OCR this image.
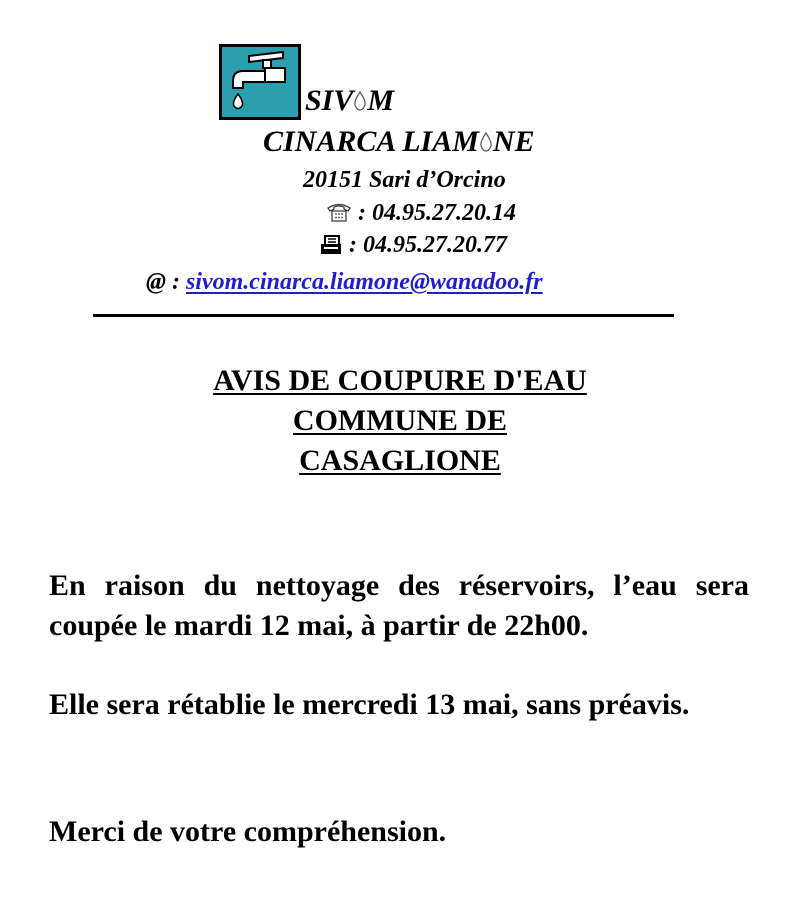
SIV M
CINARCA LIAM NE
20151 Sari d’Orcino
: 04.95.27.20.14
: 04.95.27.20.77
@ : sivom.cinarca.liamone@wanadoo.fr
AVIS DE COUPURE D'EAU
COMMUNE DE
CASAGLIONE

En raison du nettoyage des réservoirs, l’eau sera coupée le mardi 12 mai, à partir de 22h00.

Elle sera rétablie le mercredi 13 mai, sans préavis.

Merci de votre compréhension.
